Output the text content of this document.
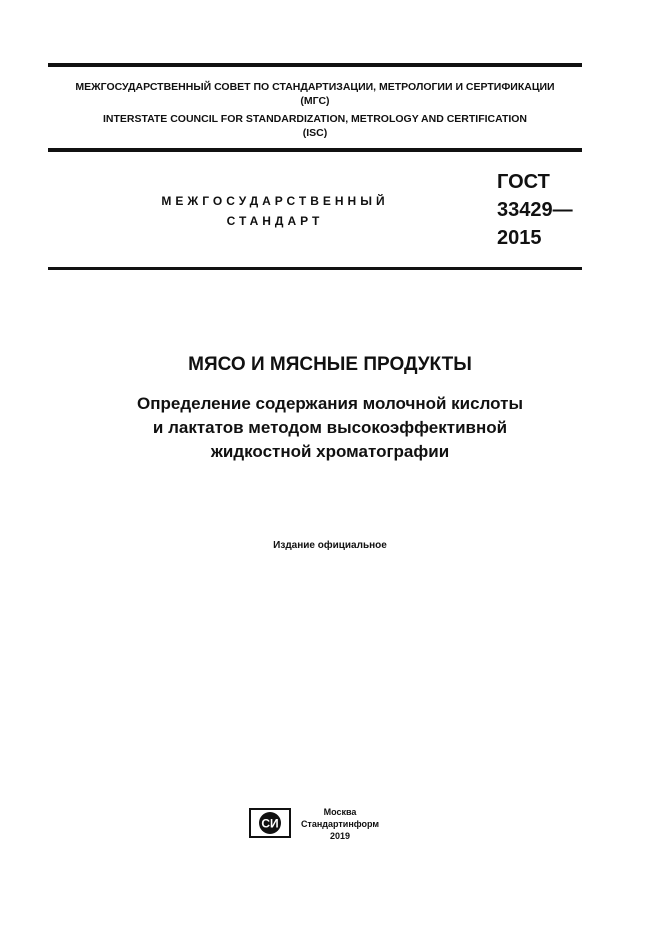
МЕЖГОСУДАРСТВЕННЫЙ СОВЕТ ПО СТАНДАРТИЗАЦИИ, МЕТРОЛОГИИ И СЕРТИФИКАЦИИ
(МГС)
INTERSTATE COUNCIL FOR STANDARDIZATION, METROLOGY AND CERTIFICATION
(ISC)
МЕЖГОСУДАРСТВЕННЫЙ
СТАНДАРТ
ГОСТ
33429—
2015
МЯСО И МЯСНЫЕ ПРОДУКТЫ
Определение содержания молочной кислоты
и лактатов методом высокоэффективной
жидкостной хроматографии
Издание официальное
СИ
Москва
Стандартинформ
2019
